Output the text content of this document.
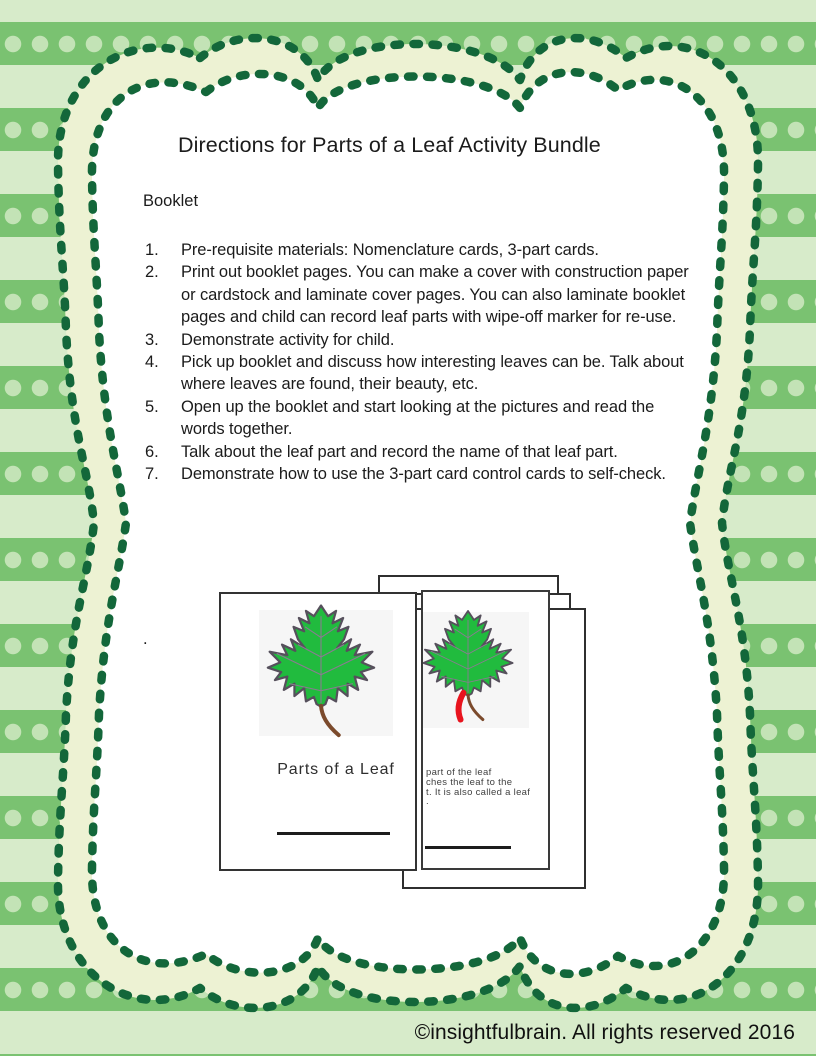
Directions for Parts of a Leaf Activity Bundle
Booklet
1.	Pre-requisite materials: Nomenclature cards, 3-part cards.
2.	Print out booklet pages. You can make a cover with construction paper or cardstock and laminate cover pages. You can also laminate booklet pages and child can record leaf parts with wipe-off marker for re-use.
3.	Demonstrate activity for child.
4.	Pick up booklet and discuss how interesting leaves can be. Talk about where leaves are found, their beauty, etc.
5.	Open up the booklet and start looking at the pictures and read the words together.
6.	Talk about the leaf part and record the name of that leaf part.
7.	Demonstrate how to use the 3-part card control cards to self-check.
.
part of the leaf
ches the leaf to the
t. It is also called a leaf
.
Parts of a Leaf
©insightfulbrain. All rights reserved 2016
